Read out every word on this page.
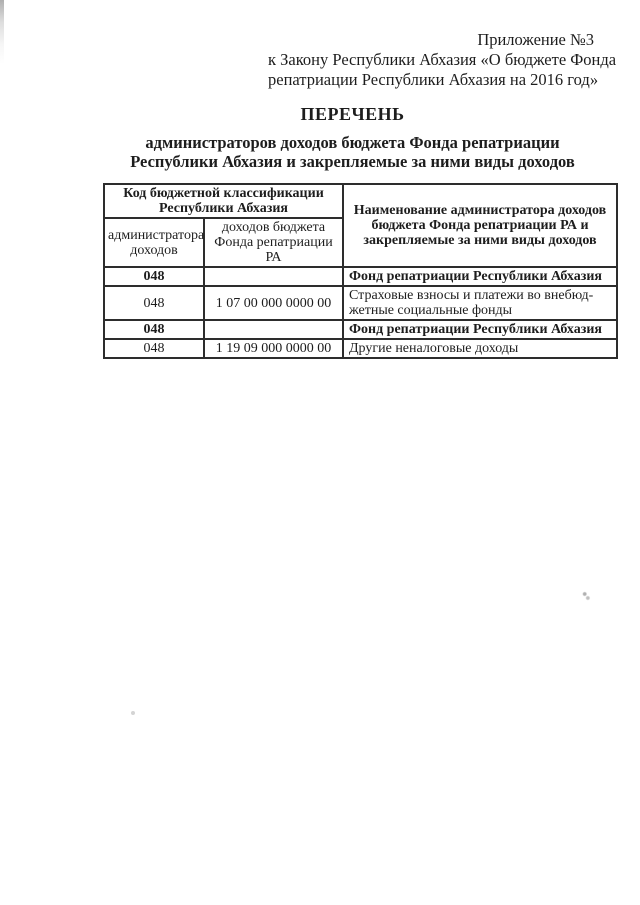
Приложение №3
к Закону Республики Абхазия «О бюджете Фонда
репатриации Республики Абхазия на 2016 год»
ПЕРЕЧЕНЬ
администраторов доходов бюджета Фонда репатриации
Республики Абхазия и закрепляемые за ними виды доходов
Код бюджетной классификации Республики Абхазия		Наименование администратора доходов бюджета Фонда репатриации РА и закрепляемые за ними виды доходов
администратора доходов	доходов бюджета Фонда репатриации РА	
048		Фонд репатриации Республики Абхазия
048	1 07 00 000 0000 00	Страховые взносы и платежи во внебюд-жетные социальные фонды
048		Фонд репатриации Республики Абхазия
048	1 19 09 000 0000 00	Другие неналоговые доходы
